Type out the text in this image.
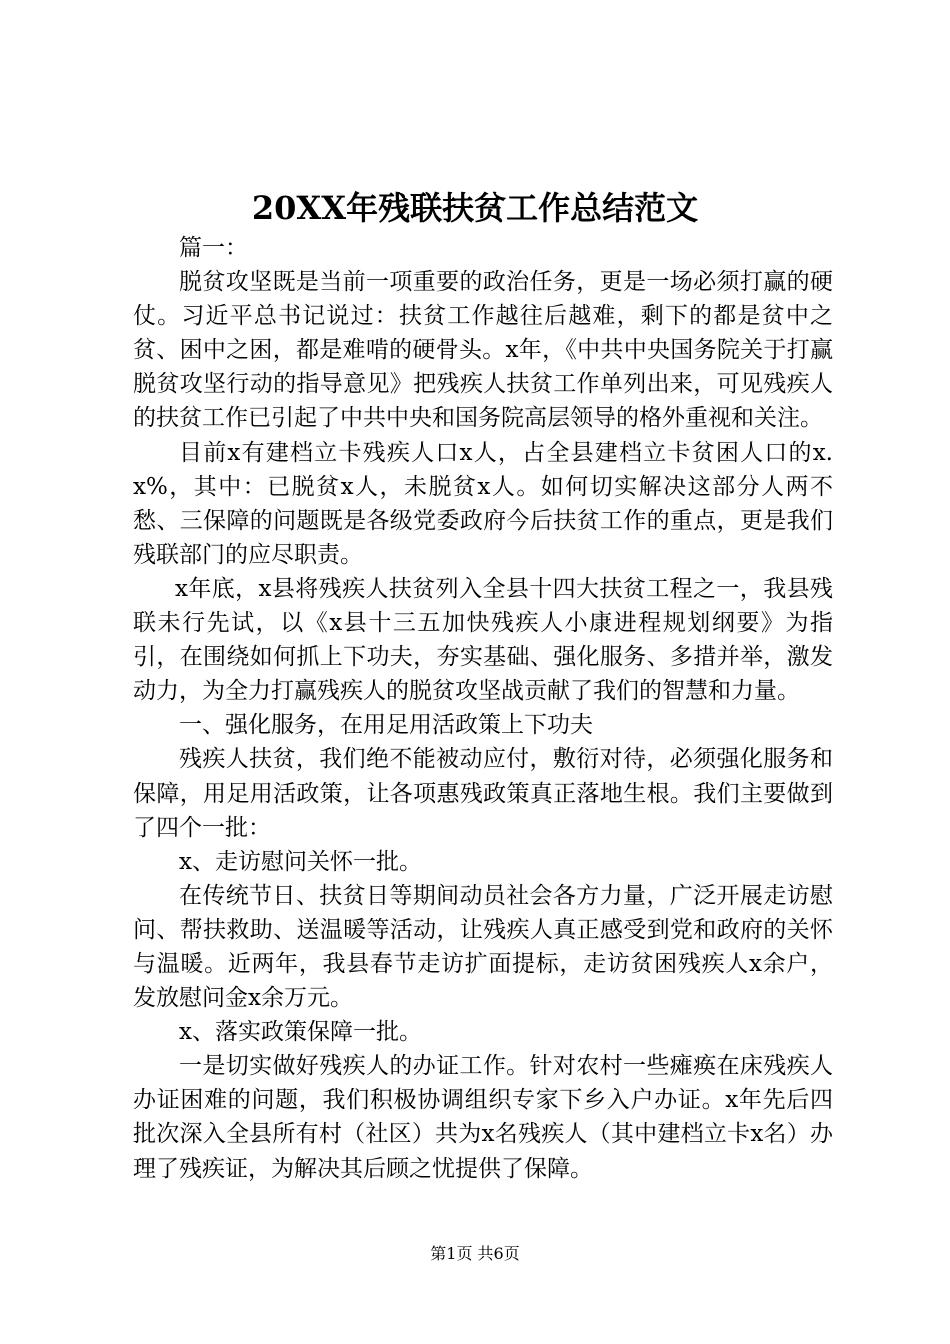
20XX年残联扶贫工作总结范文

篇一：

脱贫攻坚既是当前一项重要的政治任务，更是一场必须打赢的硬仗。习近平总书记说过：扶贫工作越往后越难，剩下的都是贫中之贫、困中之困，都是难啃的硬骨头。x年，《中共中央国务院关于打赢脱贫攻坚行动的指导意见》把残疾人扶贫工作单列出来，可见残疾人的扶贫工作已引起了中共中央和国务院高层领导的格外重视和关注。

目前x有建档立卡残疾人口x人，占全县建档立卡贫困人口的x.x%，其中：已脱贫x人，未脱贫x人。如何切实解决这部分人两不愁、三保障的问题既是各级党委政府今后扶贫工作的重点，更是我们残联部门的应尽职责。

x年底，x县将残疾人扶贫列入全县十四大扶贫工程之一，我县残联未行先试，以《x县十三五加快残疾人小康进程规划纲要》为指引，在围绕如何抓上下功夫，夯实基础、强化服务、多措并举，激发动力，为全力打赢残疾人的脱贫攻坚战贡献了我们的智慧和力量。

一、强化服务，在用足用活政策上下功夫

残疾人扶贫，我们绝不能被动应付，敷衍对待，必须强化服务和保障，用足用活政策，让各项惠残政策真正落地生根。我们主要做到了四个一批：

x、走访慰问关怀一批。

在传统节日、扶贫日等期间动员社会各方力量，广泛开展走访慰问、帮扶救助、送温暖等活动，让残疾人真正感受到党和政府的关怀与温暖。近两年，我县春节走访扩面提标，走访贫困残疾人x余户，发放慰问金x余万元。

x、落实政策保障一批。

一是切实做好残疾人的办证工作。针对农村一些瘫痪在床残疾人办证困难的问题，我们积极协调组织专家下乡入户办证。x年先后四批次深入全县所有村（社区）共为x名残疾人（其中建档立卡x名）办理了残疾证，为解决其后顾之忧提供了保障。

第1页 共6页
